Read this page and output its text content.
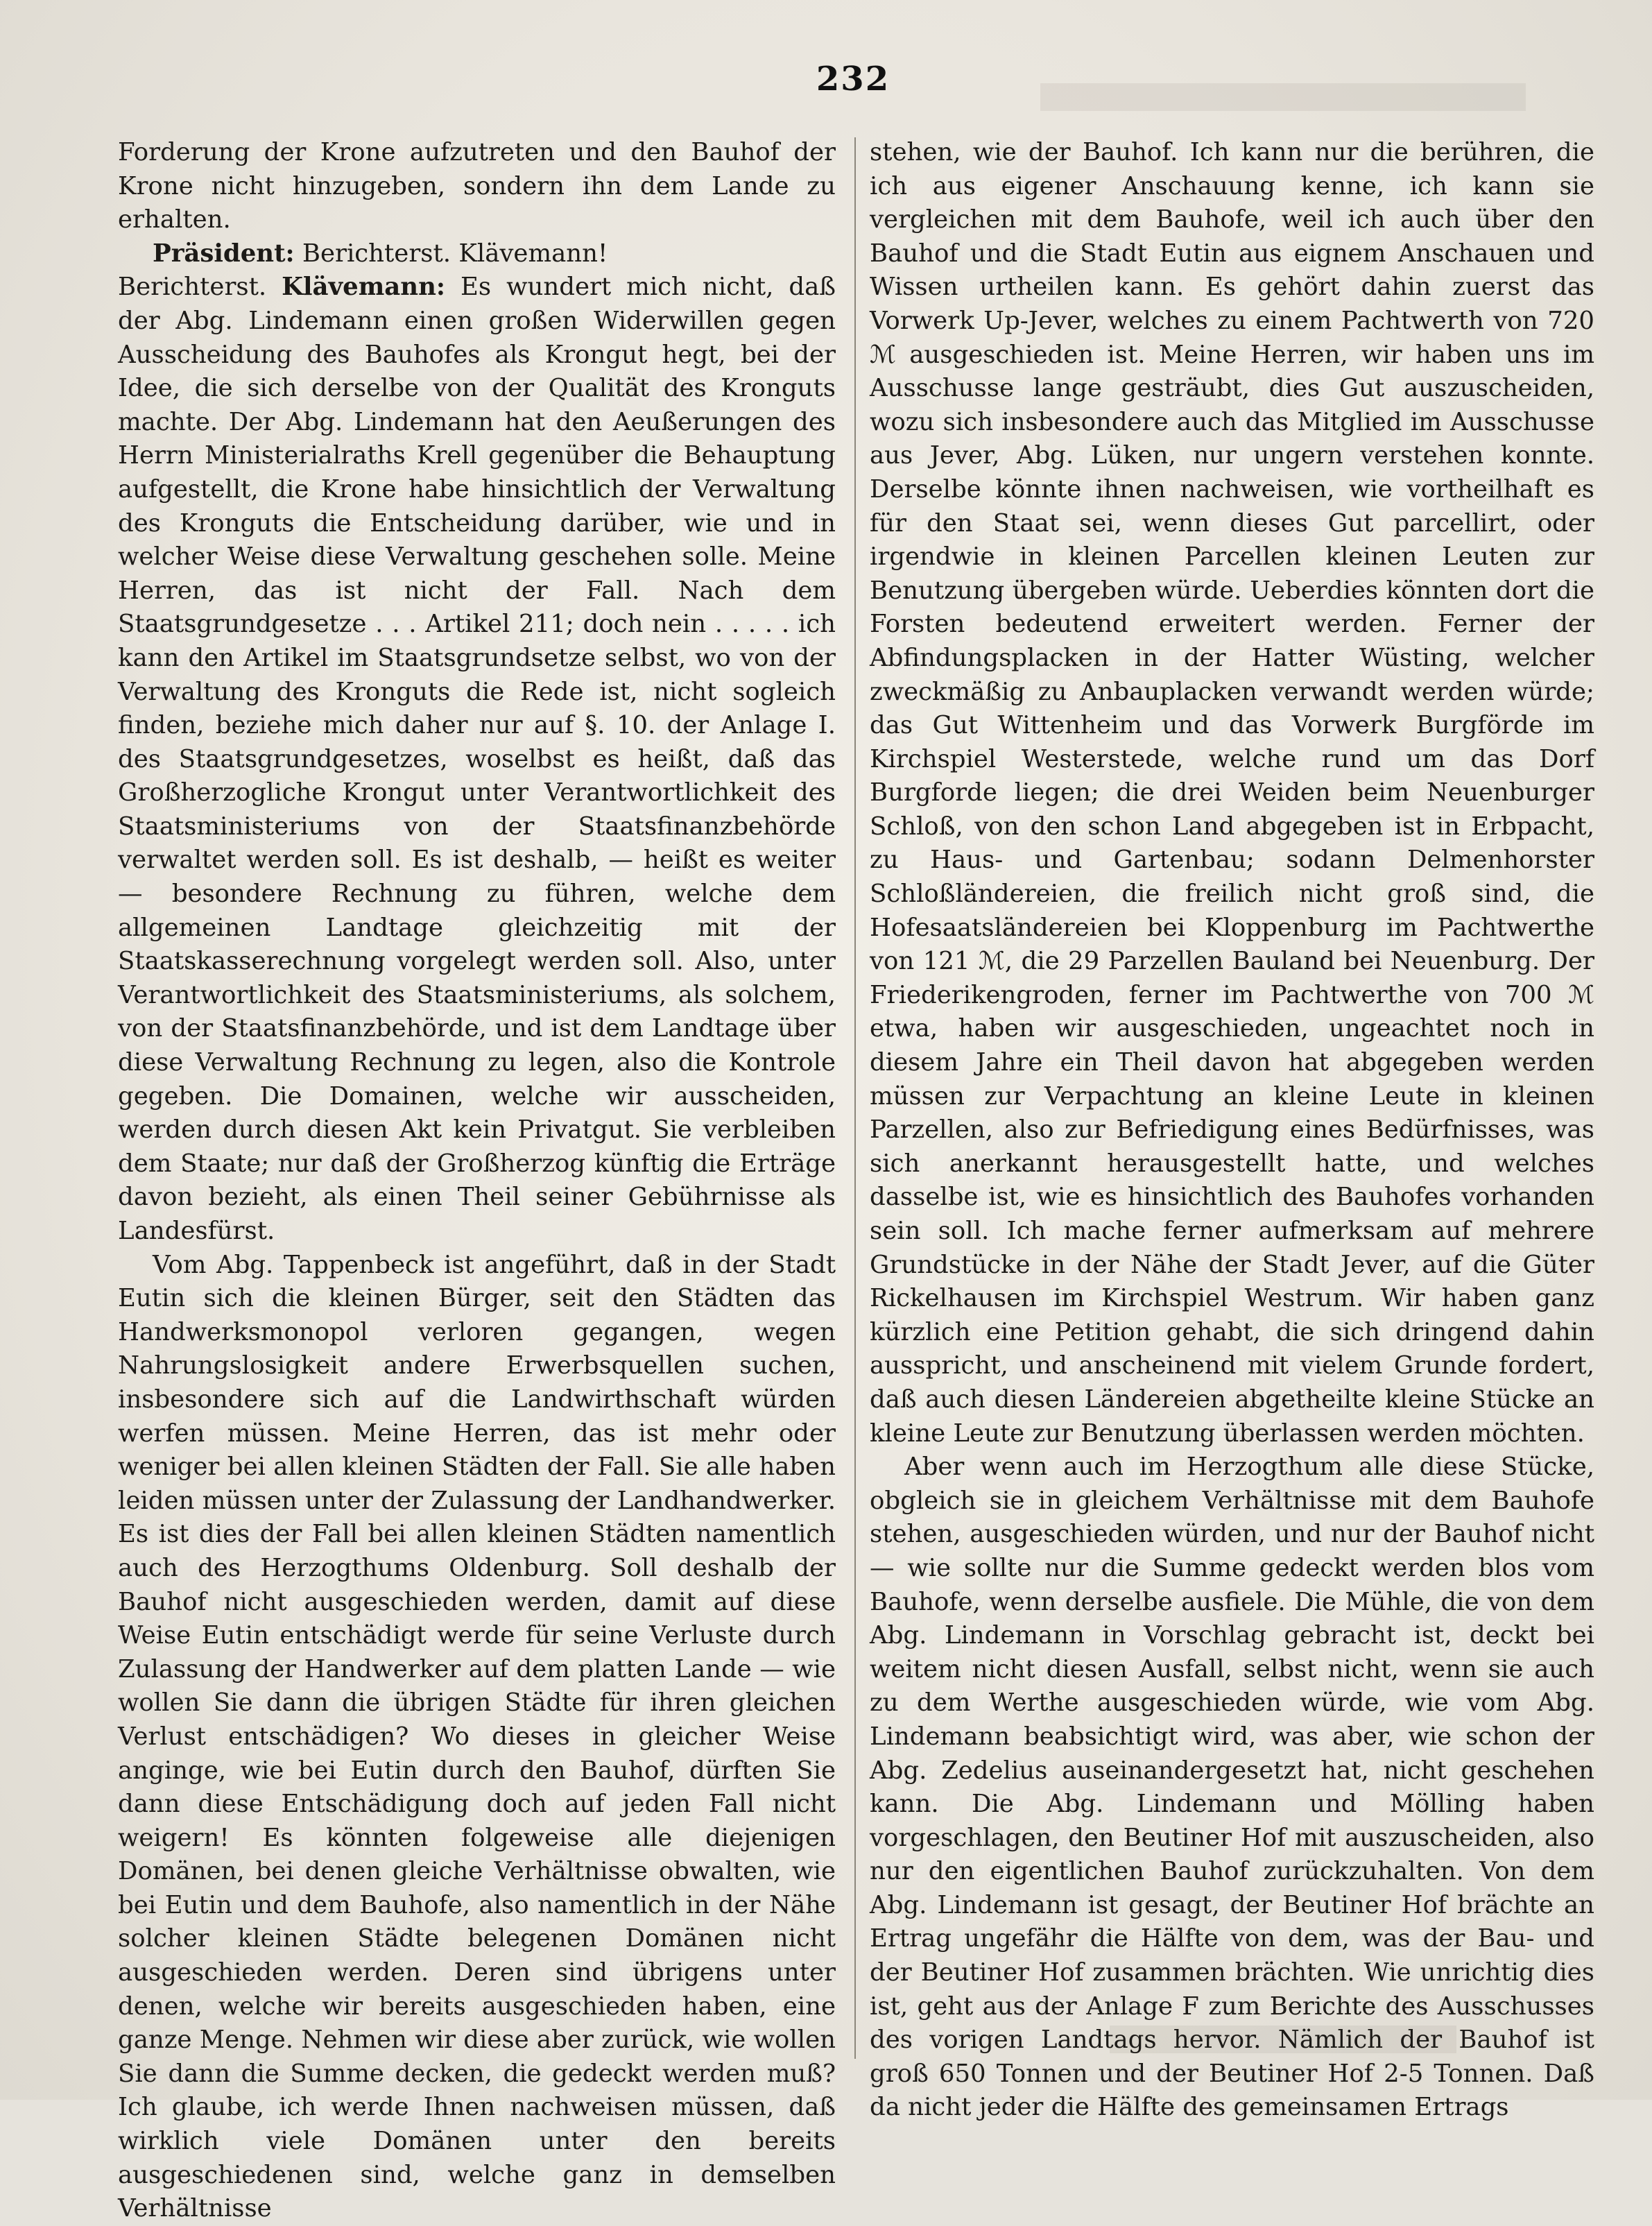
232

Forderung der Krone aufzutreten und den Bauhof der Krone nicht hinzugeben, sondern ihn dem Lande zu erhalten.

Präsident: Berichterst. Klävemann!

Berichterst. Klävemann: Es wundert mich nicht, daß der Abg. Lindemann einen großen Widerwillen gegen Ausscheidung des Bauhofes als Krongut hegt, bei der Idee, die sich derselbe von der Qualität des Kronguts machte. Der Abg. Lindemann hat den Aeußerungen des Herrn Ministerialraths Krell gegenüber die Behauptung aufgestellt, die Krone habe hinsichtlich der Verwaltung des Kronguts die Entscheidung darüber, wie und in welcher Weise diese Verwaltung geschehen solle. Meine Herren, das ist nicht der Fall. Nach dem Staatsgrundgesetze . . . Artikel 211; doch nein . . . . . ich kann den Artikel im Staatsgrundsetze selbst, wo von der Verwaltung des Kronguts die Rede ist, nicht sogleich finden, beziehe mich daher nur auf §. 10. der Anlage I. des Staatsgrundgesetzes, woselbst es heißt, daß das Großherzogliche Krongut unter Verantwortlichkeit des Staatsministeriums von der Staatsfinanzbehörde verwaltet werden soll. Es ist deshalb, — heißt es weiter — besondere Rechnung zu führen, welche dem allgemeinen Landtage gleichzeitig mit der Staatskasserechnung vorgelegt werden soll. Also, unter Verantwortlichkeit des Staatsministeriums, als solchem, von der Staatsfinanzbehörde, und ist dem Landtage über diese Verwaltung Rechnung zu legen, also die Kontrole gegeben. Die Domainen, welche wir ausscheiden, werden durch diesen Akt kein Privatgut. Sie verbleiben dem Staate; nur daß der Großherzog künftig die Erträge davon bezieht, als einen Theil seiner Gebührnisse als Landesfürst.

Vom Abg. Tappenbeck ist angeführt, daß in der Stadt Eutin sich die kleinen Bürger, seit den Städten das Handwerksmonopol verloren gegangen, wegen Nahrungslosigkeit andere Erwerbsquellen suchen, insbesondere sich auf die Landwirthschaft würden werfen müssen. Meine Herren, das ist mehr oder weniger bei allen kleinen Städten der Fall. Sie alle haben leiden müssen unter der Zulassung der Landhandwerker. Es ist dies der Fall bei allen kleinen Städten namentlich auch des Herzogthums Oldenburg. Soll deshalb der Bauhof nicht ausgeschieden werden, damit auf diese Weise Eutin entschädigt werde für seine Verluste durch Zulassung der Handwerker auf dem platten Lande — wie wollen Sie dann die übrigen Städte für ihren gleichen Verlust entschädigen? Wo dieses in gleicher Weise anginge, wie bei Eutin durch den Bauhof, dürften Sie dann diese Entschädigung doch auf jeden Fall nicht weigern! Es könnten folgeweise alle diejenigen Domänen, bei denen gleiche Verhältnisse obwalten, wie bei Eutin und dem Bauhofe, also namentlich in der Nähe solcher kleinen Städte belegenen Domänen nicht ausgeschieden werden. Deren sind übrigens unter denen, welche wir bereits ausgeschieden haben, eine ganze Menge. Nehmen wir diese aber zurück, wie wollen Sie dann die Summe decken, die gedeckt werden muß? Ich glaube, ich werde Ihnen nachweisen müssen, daß wirklich viele Domänen unter den bereits ausgeschiedenen sind, welche ganz in demselben Verhältnisse

stehen, wie der Bauhof. Ich kann nur die berühren, die ich aus eigener Anschauung kenne, ich kann sie vergleichen mit dem Bauhofe, weil ich auch über den Bauhof und die Stadt Eutin aus eignem Anschauen und Wissen urtheilen kann. Es gehört dahin zuerst das Vorwerk Up-Jever, welches zu einem Pachtwerth von 720 ℳ ausgeschieden ist. Meine Herren, wir haben uns im Ausschusse lange gesträubt, dies Gut auszuscheiden, wozu sich insbesondere auch das Mitglied im Ausschusse aus Jever, Abg. Lüken, nur ungern verstehen konnte. Derselbe könnte ihnen nachweisen, wie vortheilhaft es für den Staat sei, wenn dieses Gut parcellirt, oder irgendwie in kleinen Parcellen kleinen Leuten zur Benutzung übergeben würde. Ueberdies könnten dort die Forsten bedeutend erweitert werden. Ferner der Abfindungsplacken in der Hatter Wüsting, welcher zweckmäßig zu Anbauplacken verwandt werden würde; das Gut Wittenheim und das Vorwerk Burgförde im Kirchspiel Westerstede, welche rund um das Dorf Burgforde liegen; die drei Weiden beim Neuenburger Schloß, von den schon Land abgegeben ist in Erbpacht, zu Haus- und Gartenbau; sodann Delmenhorster Schloßländereien, die freilich nicht groß sind, die Hofesaatsländereien bei Kloppenburg im Pachtwerthe von 121 ℳ, die 29 Parzellen Bauland bei Neuenburg. Der Friederikengroden, ferner im Pachtwerthe von 700 ℳ etwa, haben wir ausgeschieden, ungeachtet noch in diesem Jahre ein Theil davon hat abgegeben werden müssen zur Verpachtung an kleine Leute in kleinen Parzellen, also zur Befriedigung eines Bedürfnisses, was sich anerkannt herausgestellt hatte, und welches dasselbe ist, wie es hinsichtlich des Bauhofes vorhanden sein soll. Ich mache ferner aufmerksam auf mehrere Grundstücke in der Nähe der Stadt Jever, auf die Güter Rickelhausen im Kirchspiel Westrum. Wir haben ganz kürzlich eine Petition gehabt, die sich dringend dahin ausspricht, und anscheinend mit vielem Grunde fordert, daß auch diesen Ländereien abgetheilte kleine Stücke an kleine Leute zur Benutzung überlassen werden möchten.

Aber wenn auch im Herzogthum alle diese Stücke, obgleich sie in gleichem Verhältnisse mit dem Bauhofe stehen, ausgeschieden würden, und nur der Bauhof nicht — wie sollte nur die Summe gedeckt werden blos vom Bauhofe, wenn derselbe ausfiele. Die Mühle, die von dem Abg. Lindemann in Vorschlag gebracht ist, deckt bei weitem nicht diesen Ausfall, selbst nicht, wenn sie auch zu dem Werthe ausgeschieden würde, wie vom Abg. Lindemann beabsichtigt wird, was aber, wie schon der Abg. Zedelius auseinandergesetzt hat, nicht geschehen kann. Die Abg. Lindemann und Mölling haben vorgeschlagen, den Beutiner Hof mit auszuscheiden, also nur den eigentlichen Bauhof zurückzuhalten. Von dem Abg. Lindemann ist gesagt, der Beutiner Hof brächte an Ertrag ungefähr die Hälfte von dem, was der Bau- und der Beutiner Hof zusammen brächten. Wie unrichtig dies ist, geht aus der Anlage F zum Berichte des Ausschusses des vorigen Landtags hervor. Nämlich der Bauhof ist groß 650 Tonnen und der Beutiner Hof 2-5 Tonnen. Daß da nicht jeder die Hälfte des gemeinsamen Ertrags
